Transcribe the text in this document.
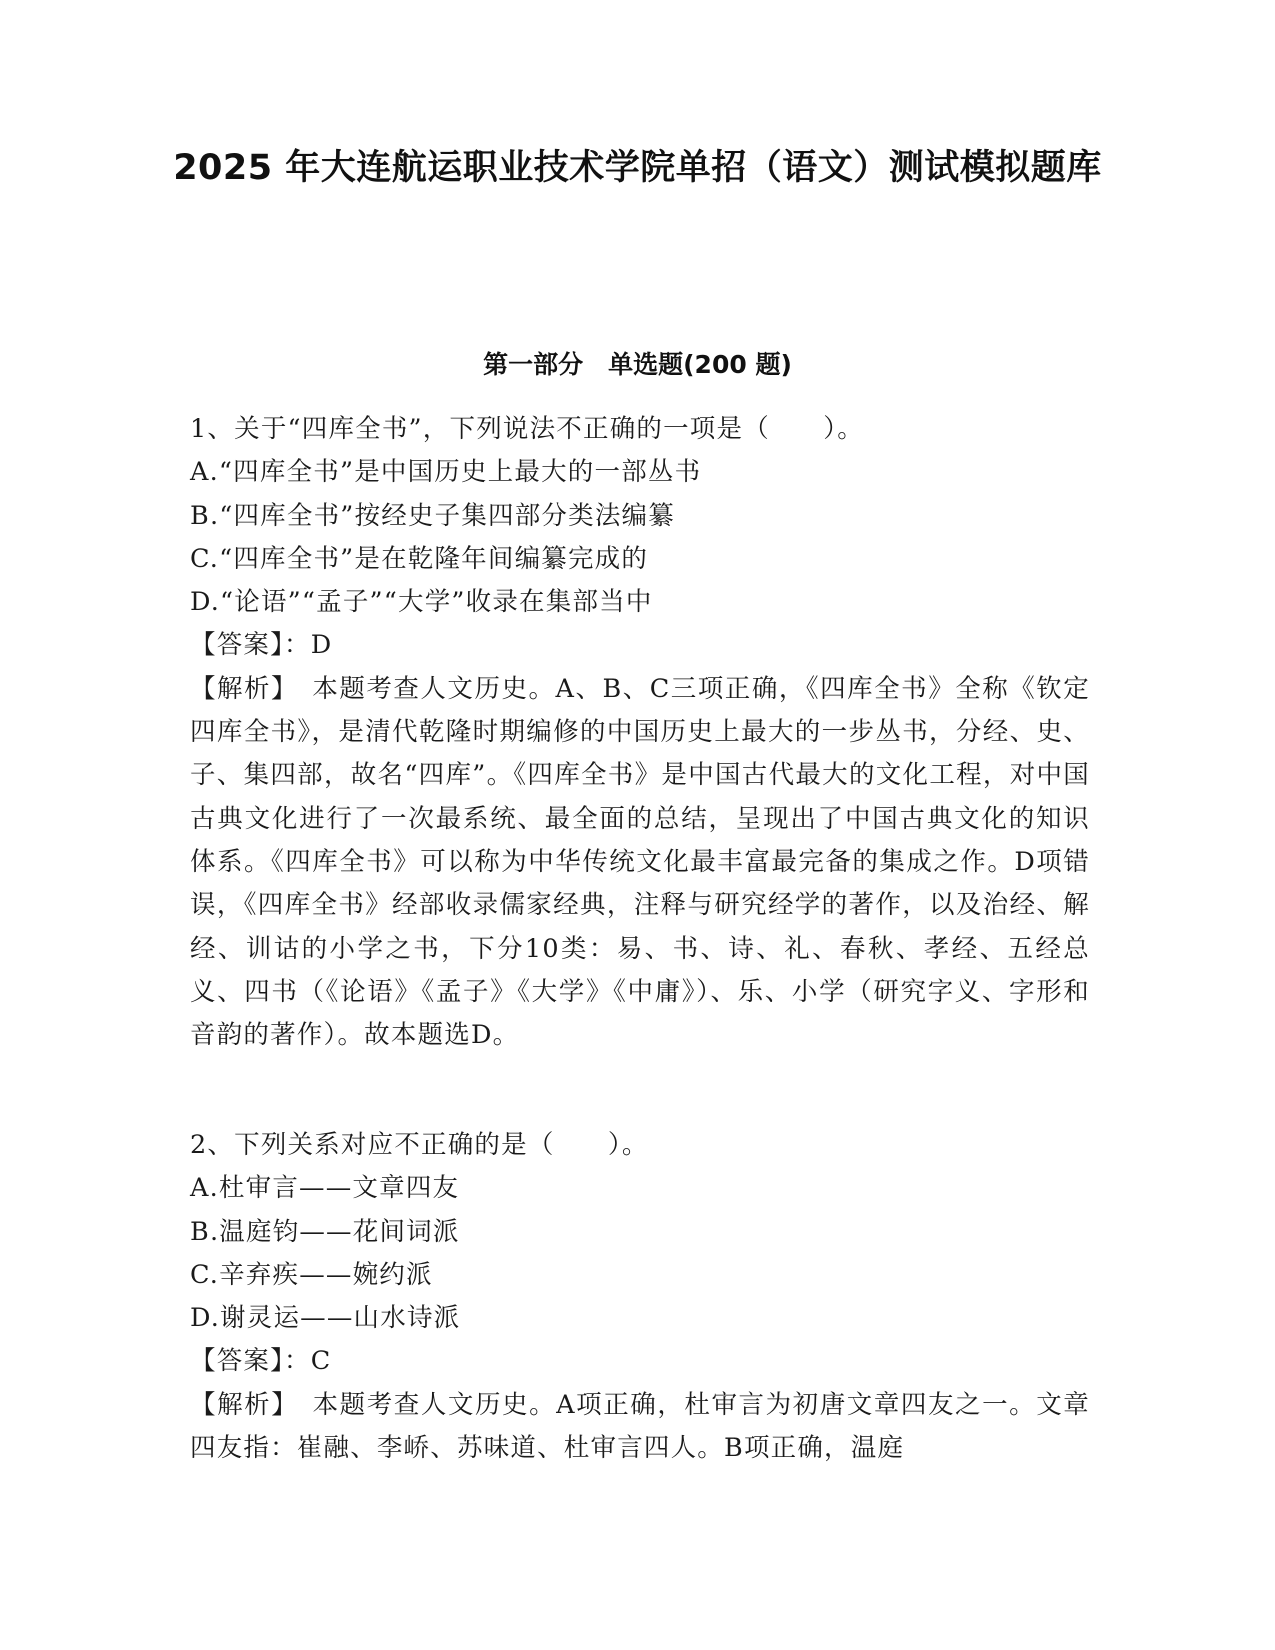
2025 年大连航运职业技术学院单招（语文）测试模拟题库
第一部分　单选题(200 题)
1、关于“四库全书”，下列说法不正确的一项是（　　）。
A.“四库全书”是中国历史上最大的一部丛书
B.“四库全书”按经史子集四部分类法编纂
C.“四库全书”是在乾隆年间编纂完成的
D.“论语”“孟子”“大学”收录在集部当中
【答案】：D
【解析】　本题考查人文历史。A、B、C三项正确，《四库全书》全称《钦定四库全书》，是清代乾隆时期编修的中国历史上最大的一步丛书，分经、史、子、集四部，故名“四库”。《四库全书》是中国古代最大的文化工程，对中国古典文化进行了一次最系统、最全面的总结，呈现出了中国古典文化的知识体系。《四库全书》可以称为中华传统文化最丰富最完备的集成之作。D项错误，《四库全书》经部收录儒家经典，注释与研究经学的著作，以及治经、解经、训诂的小学之书，下分10类：易、书、诗、礼、春秋、孝经、五经总义、四书（《论语》《孟子》《大学》《中庸》）、乐、小学（研究字义、字形和音韵的著作）。故本题选D。
2、下列关系对应不正确的是（　　）。
A.杜审言——文章四友
B.温庭钧——花间词派
C.辛弃疾——婉约派
D.谢灵运——山水诗派
【答案】：C
【解析】　本题考查人文历史。A项正确，杜审言为初唐文章四友之一。文章四友指：崔融、李峤、苏味道、杜审言四人。B项正确，温庭
